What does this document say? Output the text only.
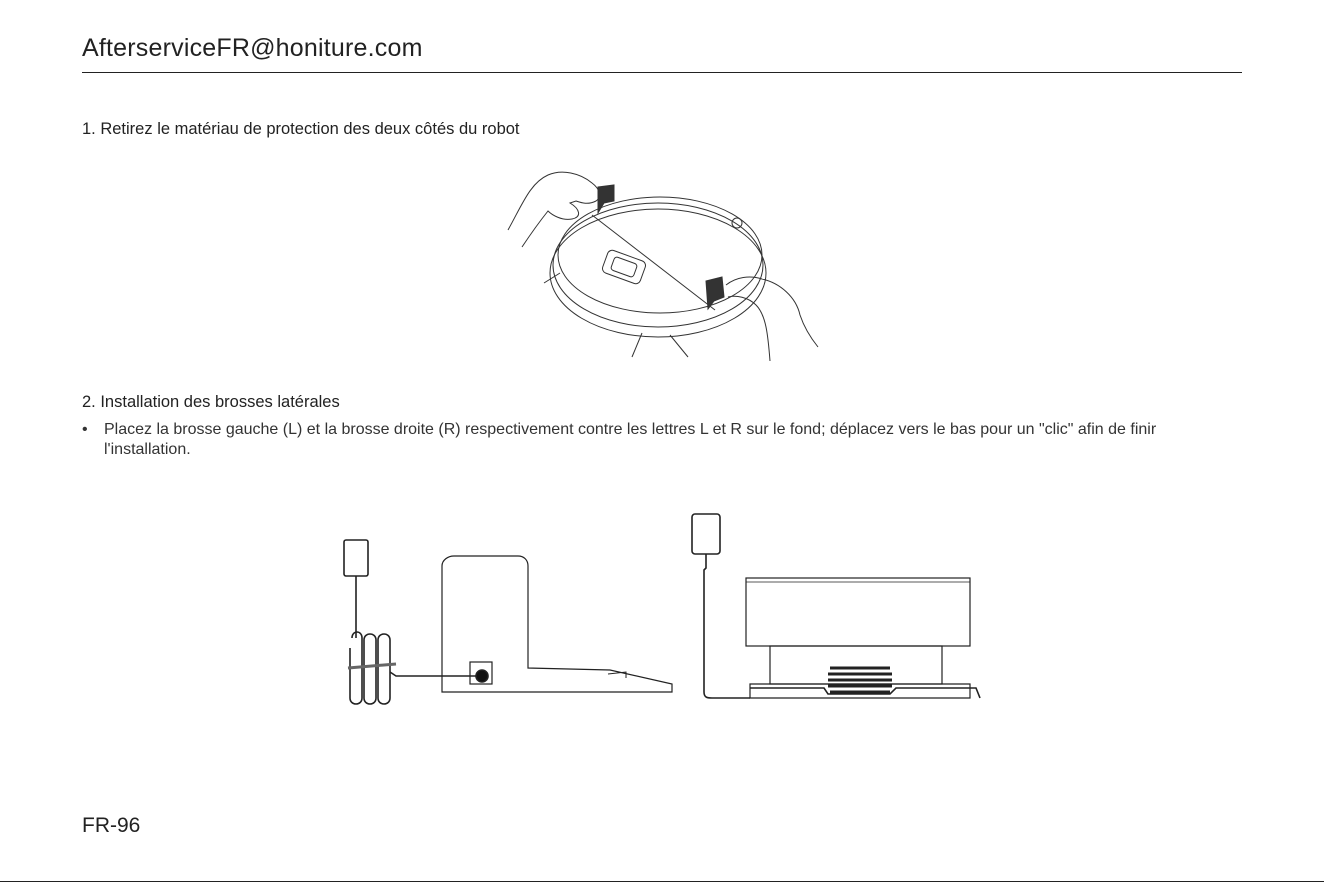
AfterserviceFR@honiture.com
1. Retirez le matériau de protection des deux côtés du robot
2. Installation des brosses latérales
•	Placez la brosse gauche (L) et la brosse droite (R) respectivement contre les lettres L et R sur le fond; déplacez vers le bas pour un "clic" afin de finir l'installation.
FR-96
